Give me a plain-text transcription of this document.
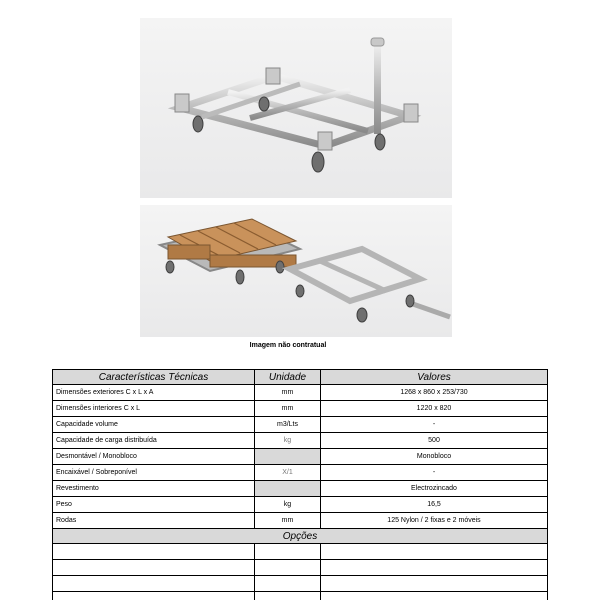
Imagem não contratual
Características Técnicas	Unidade	Valores
Dimensões exteriores C x L x A	mm	1268 x 860 x 253/730
Dimensões interiores C x L	mm	1220 x 820
Capacidade volume	m3/Lts	-
Capacidade de carga distribuída	kg	500
Desmontável / Monobloco		Monobloco
Encaixável / Sobreponível	X/1	-
Revestimento		Electrozincado
Peso	kg	16,5
Rodas	mm	125 Nylon / 2 fixas e 2 móveis
Opções		
